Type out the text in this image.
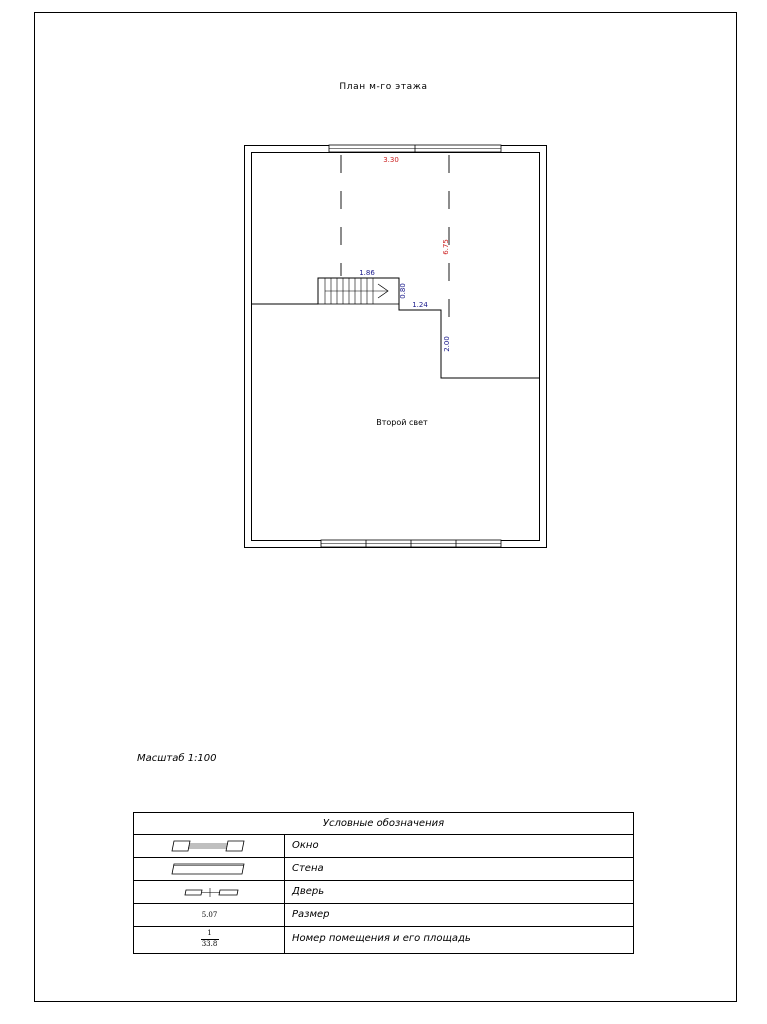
План м-го этажа
3.30
6.75
1.86
0.80
1.24
2.00
Второй свет
Масштаб 1:100
Условные обозначения
Окно
Стена
Дверь
5.07	Размер
1
33.8	Номер помещения и его площадь
